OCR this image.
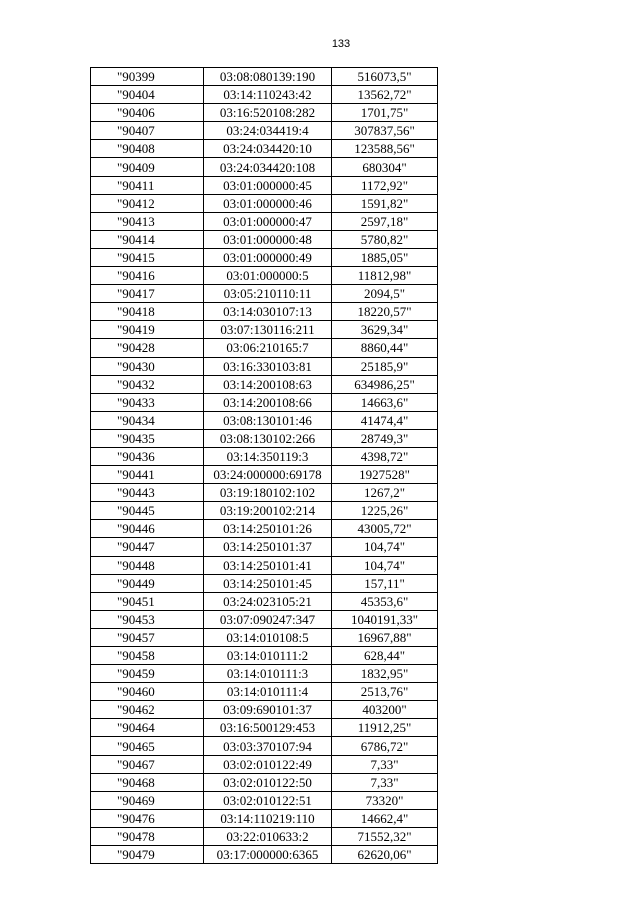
133
"90399	03:08:080139:190	516073,5"
"90404	03:14:110243:42	13562,72"
"90406	03:16:520108:282	1701,75"
"90407	03:24:034419:4	307837,56"
"90408	03:24:034420:10	123588,56"
"90409	03:24:034420:108	680304"
"90411	03:01:000000:45	1172,92"
"90412	03:01:000000:46	1591,82"
"90413	03:01:000000:47	2597,18"
"90414	03:01:000000:48	5780,82"
"90415	03:01:000000:49	1885,05"
"90416	03:01:000000:5	11812,98"
"90417	03:05:210110:11	2094,5"
"90418	03:14:030107:13	18220,57"
"90419	03:07:130116:211	3629,34"
"90428	03:06:210165:7	8860,44"
"90430	03:16:330103:81	25185,9"
"90432	03:14:200108:63	634986,25"
"90433	03:14:200108:66	14663,6"
"90434	03:08:130101:46	41474,4"
"90435	03:08:130102:266	28749,3"
"90436	03:14:350119:3	4398,72"
"90441	03:24:000000:69178	1927528"
"90443	03:19:180102:102	1267,2"
"90445	03:19:200102:214	1225,26"
"90446	03:14:250101:26	43005,72"
"90447	03:14:250101:37	104,74"
"90448	03:14:250101:41	104,74"
"90449	03:14:250101:45	157,11"
"90451	03:24:023105:21	45353,6"
"90453	03:07:090247:347	1040191,33"
"90457	03:14:010108:5	16967,88"
"90458	03:14:010111:2	628,44"
"90459	03:14:010111:3	1832,95"
"90460	03:14:010111:4	2513,76"
"90462	03:09:690101:37	403200"
"90464	03:16:500129:453	11912,25"
"90465	03:03:370107:94	6786,72"
"90467	03:02:010122:49	7,33"
"90468	03:02:010122:50	7,33"
"90469	03:02:010122:51	73320"
"90476	03:14:110219:110	14662,4"
"90478	03:22:010633:2	71552,32"
"90479	03:17:000000:6365	62620,06"
